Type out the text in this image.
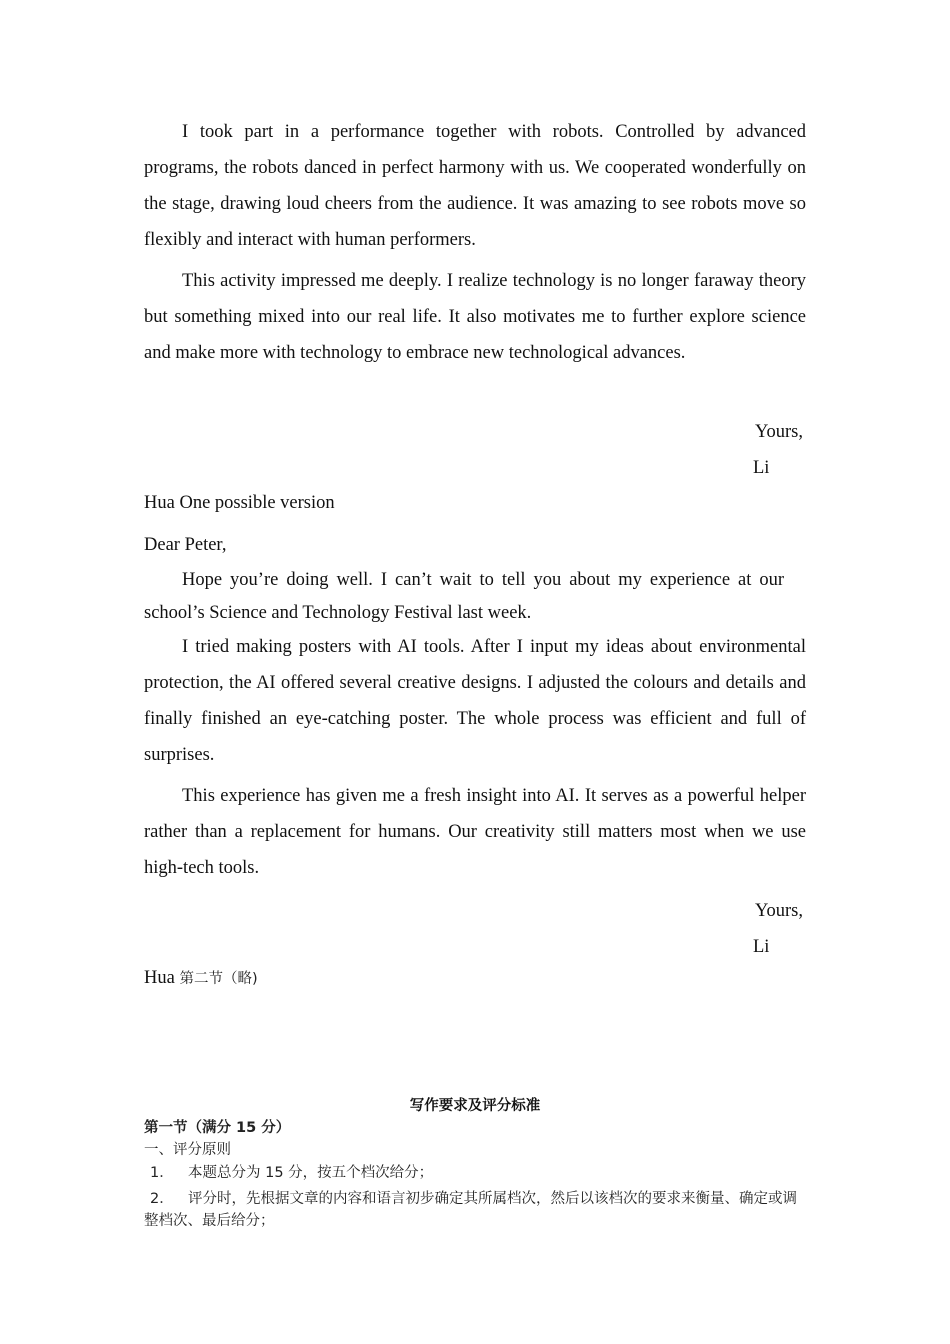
I took part in a performance together with robots. Controlled by advanced programs, the robots danced in perfect harmony with us. We cooperated wonderfully on the stage, drawing loud cheers from the audience. It was amazing to see robots move so flexibly and interact with human performers.

This activity impressed me deeply. I realize technology is no longer faraway theory but something mixed into our real life. It also motivates me to further explore science and make more with technology to embrace new technological advances.

Yours,
Li
Hua One possible version
Dear Peter,

Hope you’re doing well. I can’t wait to tell you about my experience at our school’s Science and Technology Festival last week.

I tried making posters with AI tools. After I input my ideas about environmental protection, the AI offered several creative designs. I adjusted the colours and details and finally finished an eye-catching poster. The whole process was efficient and full of surprises.

This experience has given me a fresh insight into AI. It serves as a powerful helper rather than a replacement for humans. Our creativity still matters most when we use high-tech tools.

Yours,
Li
Hua 第二节（略)
写作要求及评分标准
第一节（满分 15 分）
一、评分原则
1． 本题总分为 15 分，按五个档次给分；
2． 评分时，先根据文章的内容和语言初步确定其所属档次，然后以该档次的要求来衡量、确定或调整档次、最后给分；
